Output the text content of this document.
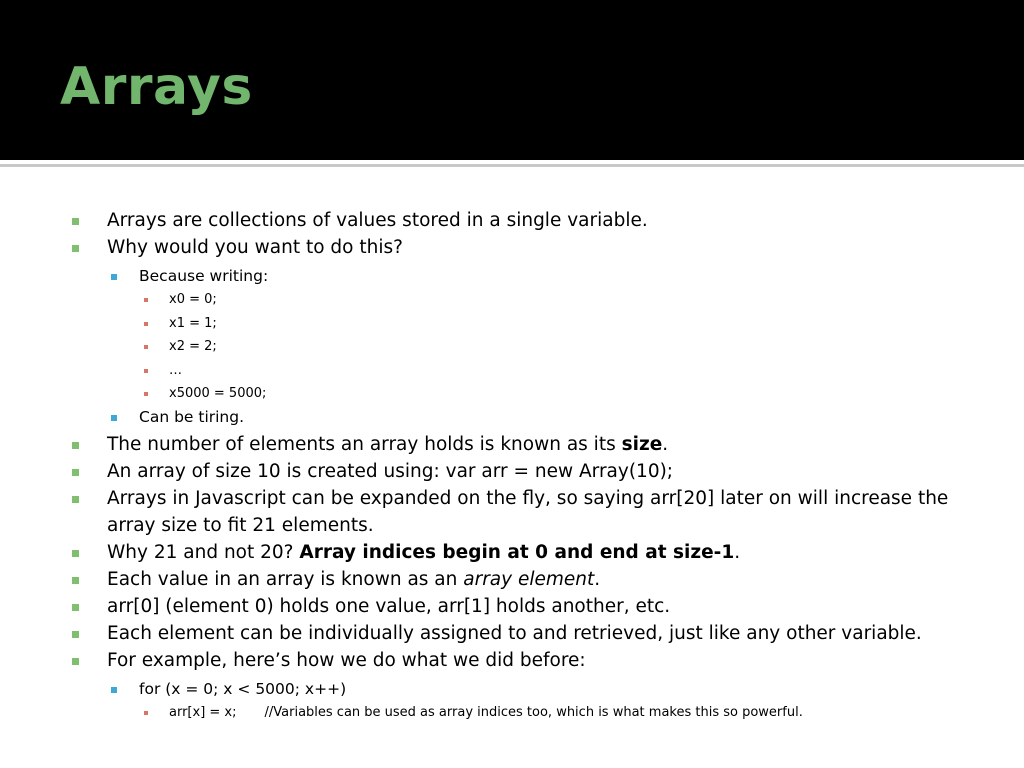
Arrays
Arrays are collections of values stored in a single variable.
Why would you want to do this?
Because writing:
x0 = 0;
x1 = 1;
x2 = 2;
…
x5000 = 5000;
Can be tiring.
The number of elements an array holds is known as its size.
An array of size 10 is created using: var arr = new Array(10);
Arrays in Javascript can be expanded on the fly, so saying arr[20] later on will increase the array size to fit 21 elements.
Why 21 and not 20? Array indices begin at 0 and end at size-1.
Each value in an array is known as an array element.
arr[0] (element 0) holds one value, arr[1] holds another, etc.
Each element can be individually assigned to and retrieved, just like any other variable.
For example, here’s how we do what we did before:
for (x = 0; x < 5000; x++)
arr[x] = x; //Variables can be used as array indices too, which is what makes this so powerful.
